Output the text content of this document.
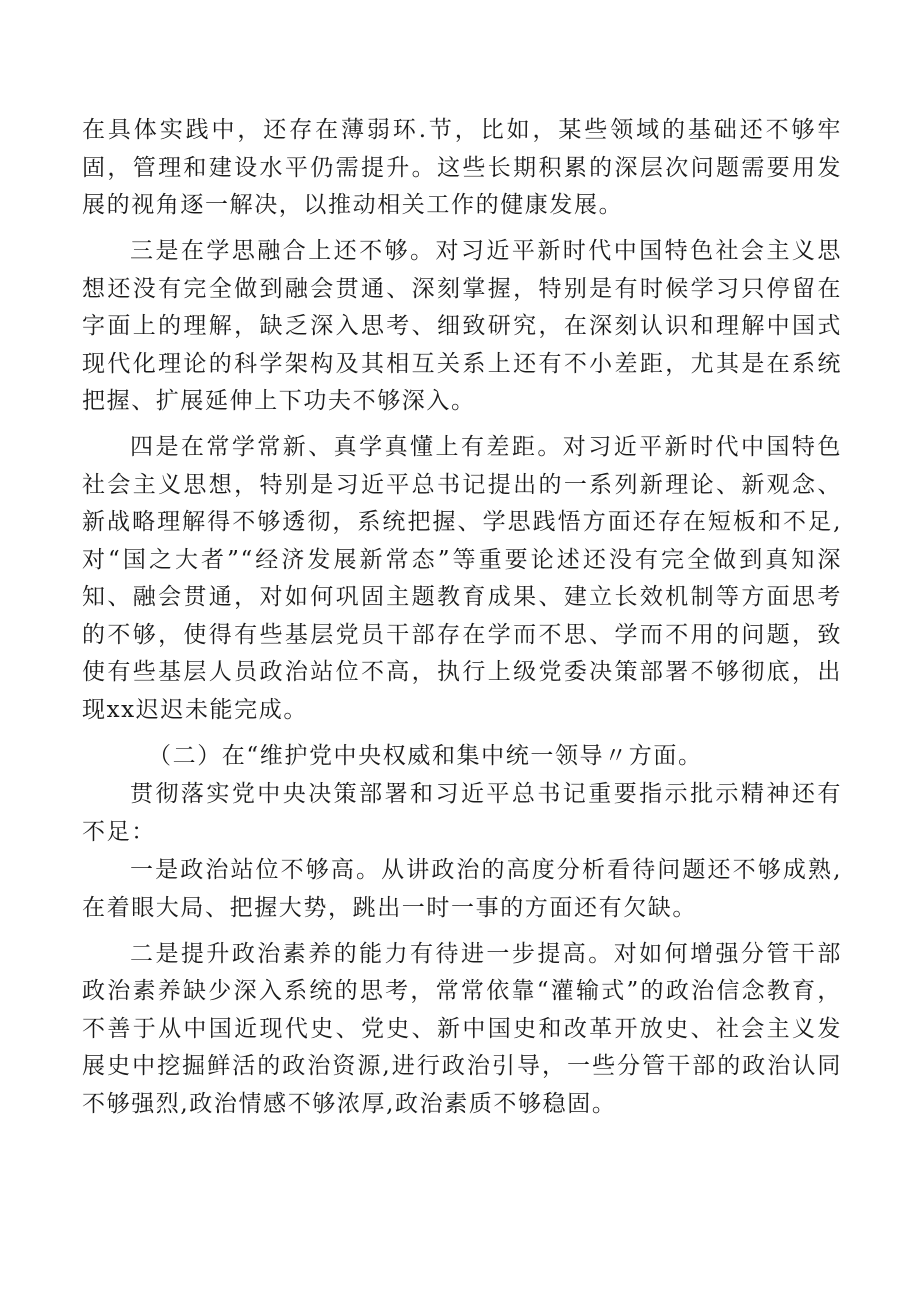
在具体实践中，还存在薄弱环.节，比如，某些领域的基础还不够牢固，管理和建设水平仍需提升。这些长期积累的深层次问题需要用发展的视角逐一解决，以推动相关工作的健康发展。

三是在学思融合上还不够。对习近平新时代中国特色社会主义思想还没有完全做到融会贯通、深刻掌握，特别是有时候学习只停留在字面上的理解，缺乏深入思考、细致研究，在深刻认识和理解中国式现代化理论的科学架构及其相互关系上还有不小差距，尤其是在系统把握、扩展延伸上下功夫不够深入。

四是在常学常新、真学真懂上有差距。对习近平新时代中国特色社会主义思想，特别是习近平总书记提出的一系列新理论、新观念、新战略理解得不够透彻，系统把握、学思践悟方面还存在短板和不足,对“国之大者”“经济发展新常态”等重要论述还没有完全做到真知深知、融会贯通，对如何巩固主题教育成果、建立长效机制等方面思考的不够，使得有些基层党员干部存在学而不思、学而不用的问题，致使有些基层人员政治站位不高，执行上级党委决策部署不够彻底，出现xx迟迟未能完成。

（二）在“维护党中央权威和集中统一领导〃方面。

贯彻落实党中央决策部署和习近平总书记重要指示批示精神还有不足：

一是政治站位不够高。从讲政治的高度分析看待问题还不够成熟,在着眼大局、把握大势，跳出一时一事的方面还有欠缺。

二是提升政治素养的能力有待进一步提高。对如何增强分管干部政治素养缺少深入系统的思考，常常依靠“灌输式”的政治信念教育，不善于从中国近现代史、党史、新中国史和改革开放史、社会主义发展史中挖掘鲜活的政治资源,进行政治引导，一些分管干部的政治认同不够强烈,政治情感不够浓厚,政治素质不够稳固。
